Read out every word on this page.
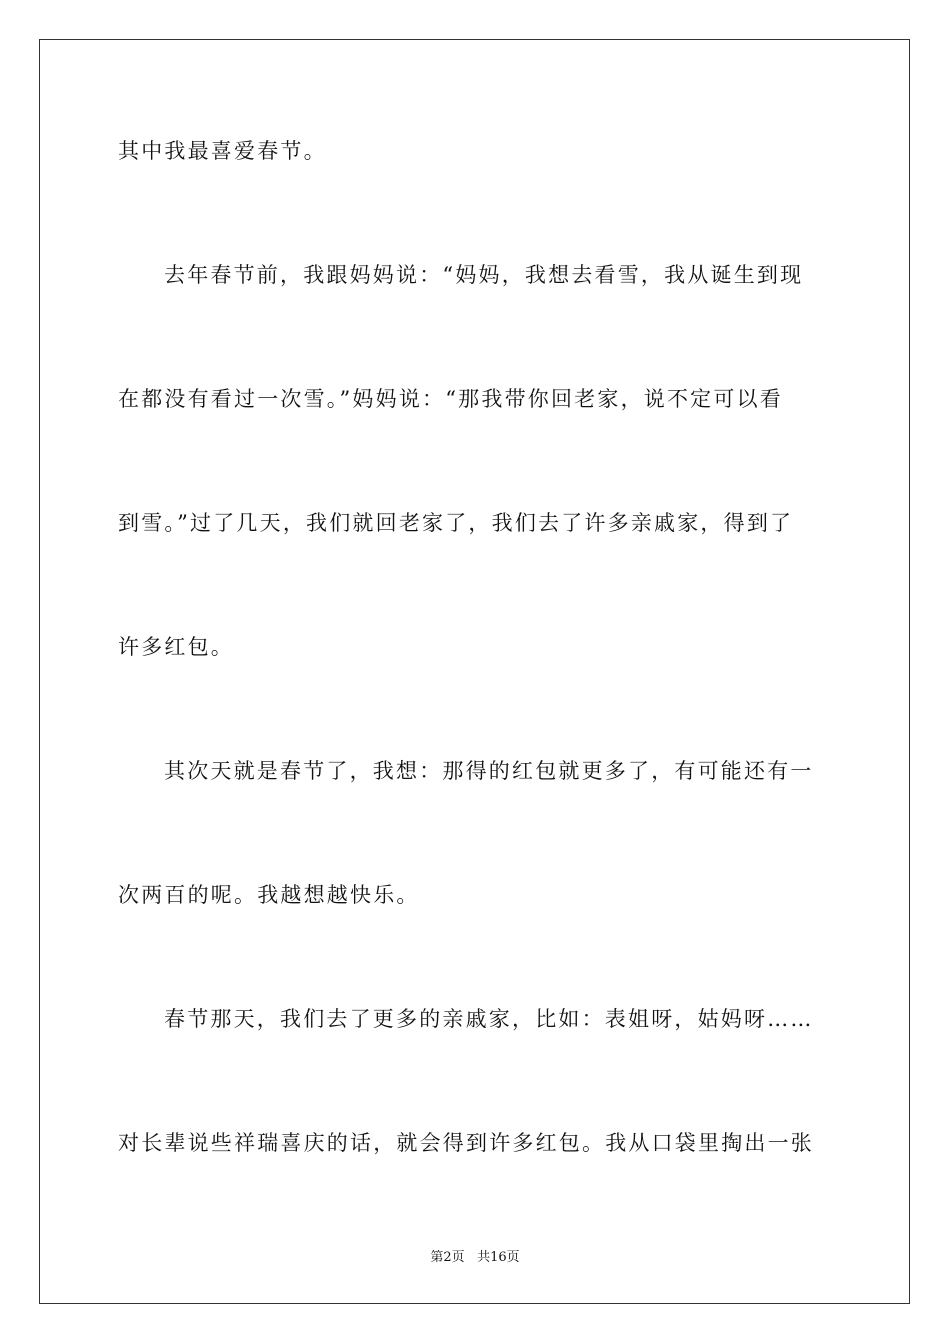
其中我最喜爱春节。
去年春节前，我跟妈妈说：“妈妈，我想去看雪，我从诞生到现
在都没有看过一次雪。”妈妈说：“那我带你回老家，说不定可以看
到雪。”过了几天，我们就回老家了，我们去了许多亲戚家，得到了
许多红包。
其次天就是春节了，我想：那得的红包就更多了，有可能还有一
次两百的呢。我越想越快乐。
春节那天，我们去了更多的亲戚家，比如：表姐呀，姑妈呀……
对长辈说些祥瑞喜庆的话，就会得到许多红包。我从口袋里掏出一张
第2页 共16页
